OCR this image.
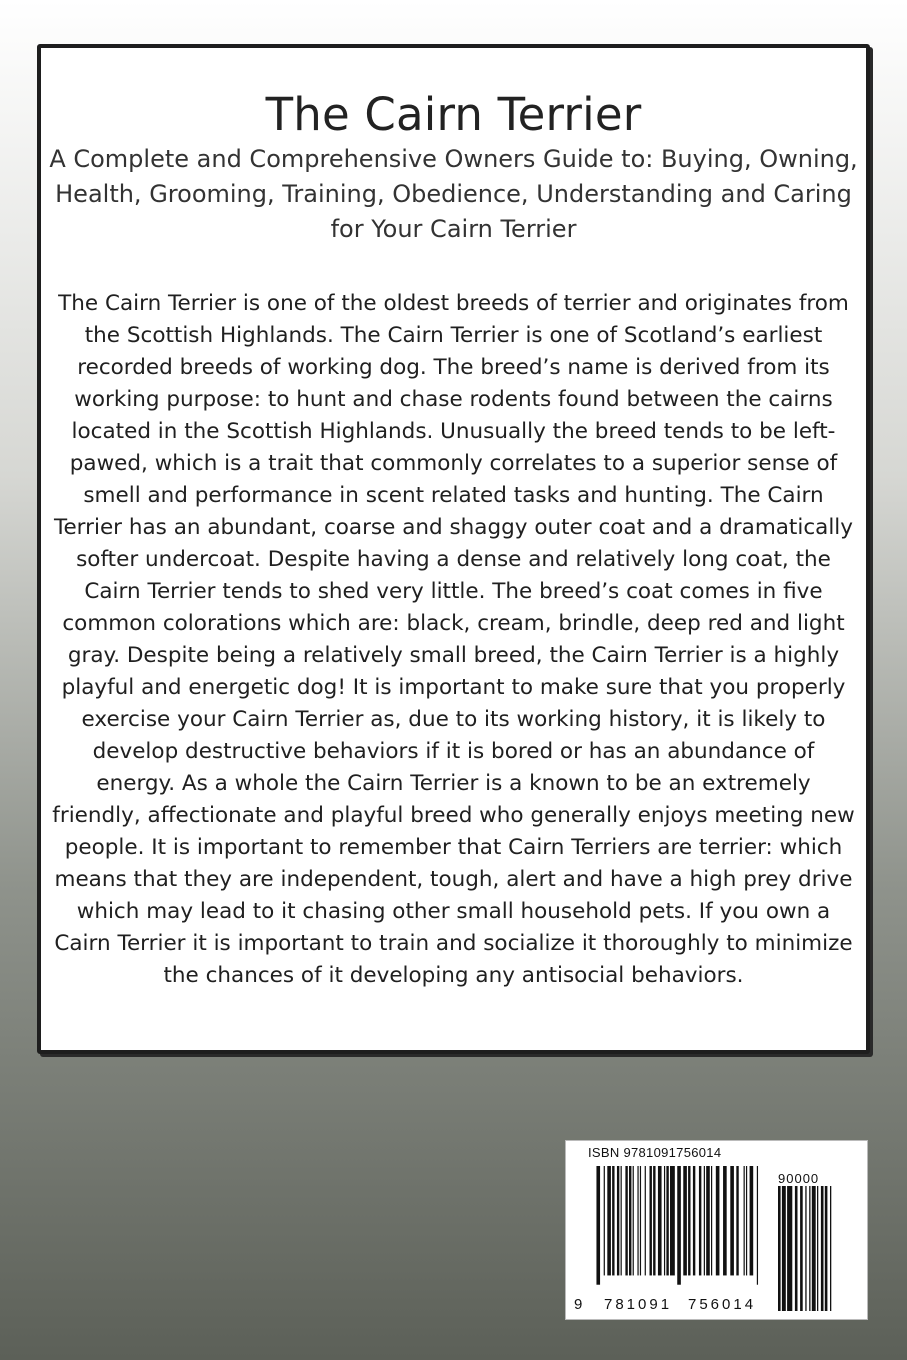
The Cairn Terrier
A Complete and Comprehensive Owners Guide to: Buying, Owning, Health, Grooming, Training, Obedience, Understanding and Caring for Your Cairn Terrier
The Cairn Terrier is one of the oldest breeds of terrier and originates from the Scottish Highlands. The Cairn Terrier is one of Scotland’s earliest recorded breeds of working dog. The breed’s name is derived from its working purpose: to hunt and chase rodents found between the cairns located in the Scottish Highlands. Unusually the breed tends to be left-pawed, which is a trait that commonly correlates to a superior sense of smell and performance in scent related tasks and hunting. The Cairn Terrier has an abundant, coarse and shaggy outer coat and a dramatically softer undercoat. Despite having a dense and relatively long coat, the Cairn Terrier tends to shed very little. The breed’s coat comes in five common colorations which are: black, cream, brindle, deep red and light gray. Despite being a relatively small breed, the Cairn Terrier is a highly playful and energetic dog! It is important to make sure that you properly exercise your Cairn Terrier as, due to its working history, it is likely to develop destructive behaviors if it is bored or has an abundance of energy. As a whole the Cairn Terrier is a known to be an extremely friendly, affectionate and playful breed who generally enjoys meeting new people. It is important to remember that Cairn Terriers are terrier: which means that they are independent, tough, alert and have a high prey drive which may lead to it chasing other small household pets. If you own a Cairn Terrier it is important to train and socialize it thoroughly to minimize the chances of it developing any antisocial behaviors.
ISBN 9781091756014
90000
9 781091 756014
